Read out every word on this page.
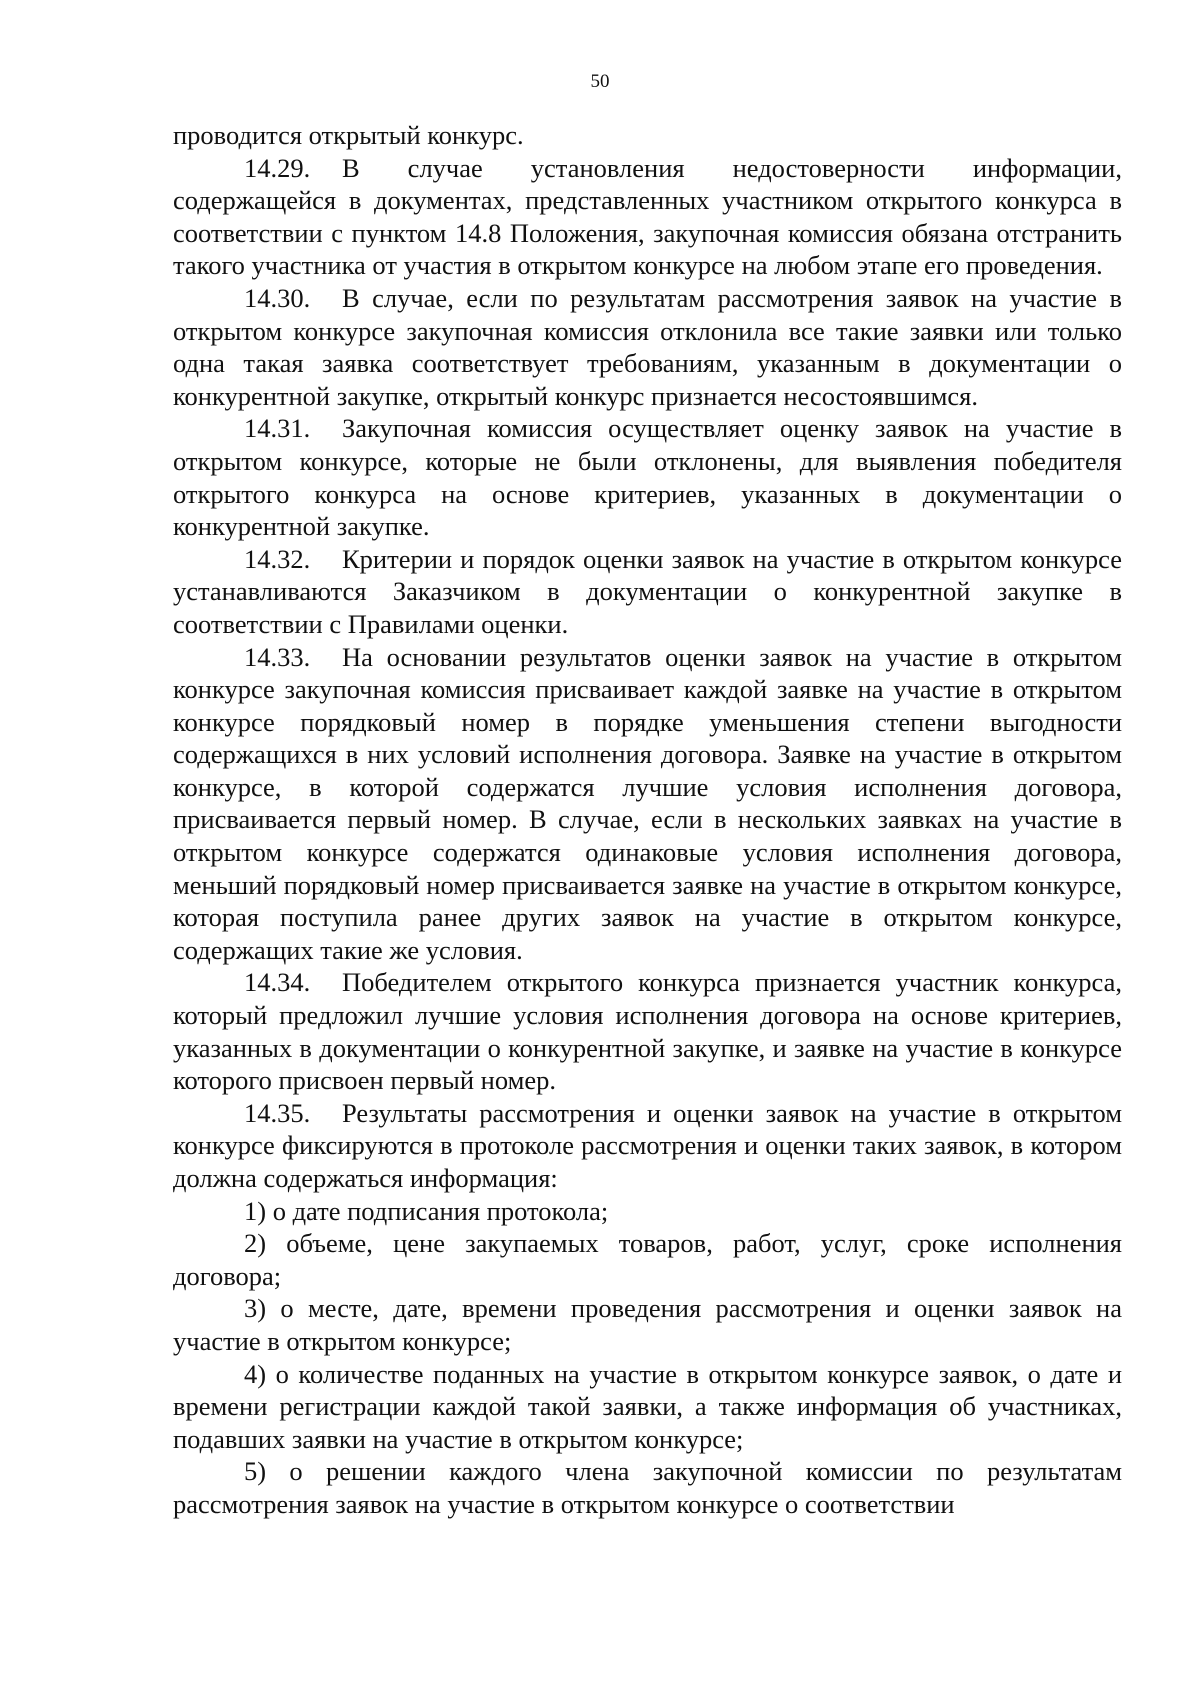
50

проводится открытый конкурс.

14.29. В случае установления недостоверности информации, содержащейся в документах, представленных участником открытого конкурса в соответствии с пунктом 14.8 Положения, закупочная комиссия обязана отстранить такого участника от участия в открытом конкурсе на любом этапе его проведения.

14.30. В случае, если по результатам рассмотрения заявок на участие в открытом конкурсе закупочная комиссия отклонила все такие заявки или только одна такая заявка соответствует требованиям, указанным в документации о конкурентной закупке, открытый конкурс признается несостоявшимся.

14.31. Закупочная комиссия осуществляет оценку заявок на участие в открытом конкурсе, которые не были отклонены, для выявления победителя открытого конкурса на основе критериев, указанных в документации о конкурентной закупке.

14.32. Критерии и порядок оценки заявок на участие в открытом конкурсе устанавливаются Заказчиком в документации о конкурентной закупке в соответствии с Правилами оценки.

14.33. На основании результатов оценки заявок на участие в открытом конкурсе закупочная комиссия присваивает каждой заявке на участие в открытом конкурсе порядковый номер в порядке уменьшения степени выгодности содержащихся в них условий исполнения договора. Заявке на участие в открытом конкурсе, в которой содержатся лучшие условия исполнения договора, присваивается первый номер. В случае, если в нескольких заявках на участие в открытом конкурсе содержатся одинаковые условия исполнения договора, меньший порядковый номер присваивается заявке на участие в открытом конкурсе, которая поступила ранее других заявок на участие в открытом конкурсе, содержащих такие же условия.

14.34. Победителем открытого конкурса признается участник конкурса, который предложил лучшие условия исполнения договора на основе критериев, указанных в документации о конкурентной закупке, и заявке на участие в конкурсе которого присвоен первый номер.

14.35. Результаты рассмотрения и оценки заявок на участие в открытом конкурсе фиксируются в протоколе рассмотрения и оценки таких заявок, в котором должна содержаться информация:

1) о дате подписания протокола;

2) объеме, цене закупаемых товаров, работ, услуг, сроке исполнения договора;

3) о месте, дате, времени проведения рассмотрения и оценки заявок на участие в открытом конкурсе;

4) о количестве поданных на участие в открытом конкурсе заявок, о дате и времени регистрации каждой такой заявки, а также информация об участниках, подавших заявки на участие в открытом конкурсе;

5) о решении каждого члена закупочной комиссии по результатам рассмотрения заявок на участие в открытом конкурсе о соответствии
